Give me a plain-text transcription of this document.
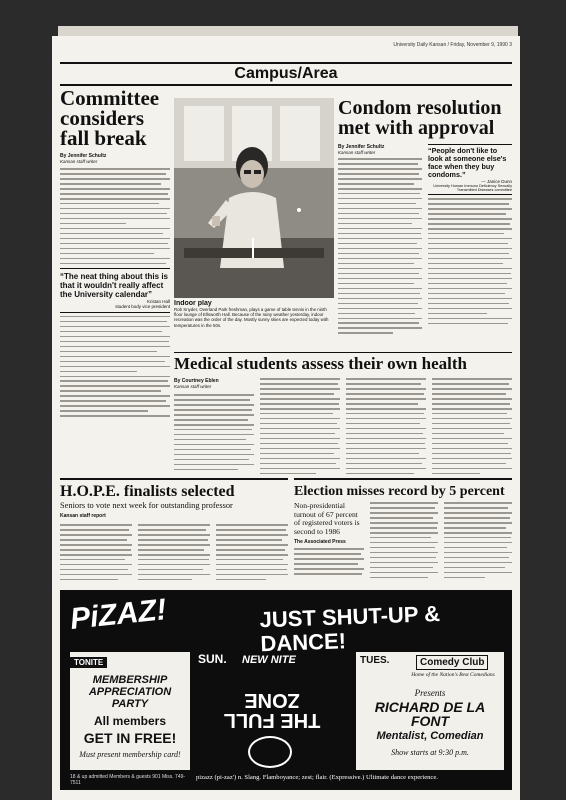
University Daily Kansan / Friday, November 9, 1990 3
Campus/Area
Committee considers fall break
By Jennifer Schultz
Kansan staff writer
“The neat thing about this is that it wouldn't really affect the University calendar”
Kristan Hall
student body vice president Indoor play
Rob Snyder, Overland Park freshman, plays a game of table tennis in the ninth floor lounge of Ellsworth Hall. Because of the rainy weather yesterday, indoor recreation was the order of the day. Mostly sunny skies are expected today with temperatures in the 50s.
Condom resolution met with approval
By Jennifer Schultz
Kansan staff writer	“People don't like to look at someone else's face when they buy condoms.”
— Janice Dunn
University Human Immuno Deficiency Sexually Transmitted Diseases committee
Medical students assess their own health
By Courtney Eblen
Kansan staff writer
H.O.P.E. finalists selected
Seniors to vote next week for outstanding professor
Kansan staff report
Election misses record by 5 percent
Non-presidential turnout of 67 percent of registered voters is second to 1986
The Associated Press
PiZAZ!	JUST SHUT-UP & DANCE!
TONITE
MEMBERSHIP APPRECIATION PARTY
All members
GET IN FREE!
Must present membership card!
SUN.	NEW NITE
THE FULL ZONE
TUES.	Comedy Club
Home of the Nation's Best Comedians
Presents
RICHARD DE LA FONT
Mentalist, Comedian
Show starts at 9:30 p.m.
18 & up admitted Members & guests 901 Miss. 749-7511
pizazz (pi-zaz') n. Slang. Flamboyance; zest; flair. (Expressive.) Ultimate dance experience.
